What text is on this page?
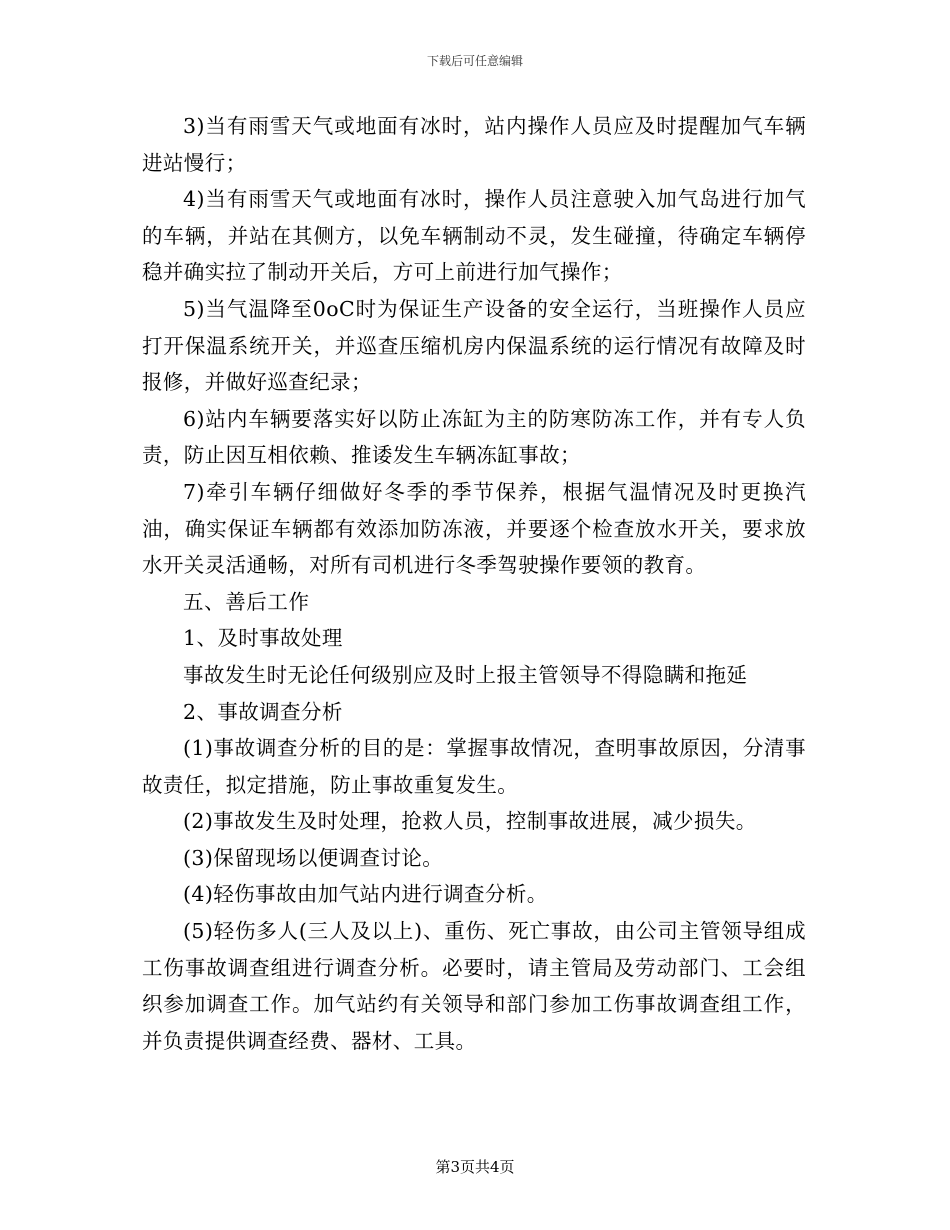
下载后可任意编辑

3)当有雨雪天气或地面有冰时，站内操作人员应及时提醒加气车辆进站慢行；

4)当有雨雪天气或地面有冰时，操作人员注意驶入加气岛进行加气的车辆，并站在其侧方，以免车辆制动不灵，发生碰撞，待确定车辆停稳并确实拉了制动开关后，方可上前进行加气操作；

5)当气温降至0oC时为保证生产设备的安全运行，当班操作人员应打开保温系统开关，并巡查压缩机房内保温系统的运行情况有故障及时报修，并做好巡查纪录；

6)站内车辆要落实好以防止冻缸为主的防寒防冻工作，并有专人负责，防止因互相依赖、推诿发生车辆冻缸事故；

7)牵引车辆仔细做好冬季的季节保养，根据气温情况及时更换汽油，确实保证车辆都有效添加防冻液，并要逐个检查放水开关，要求放水开关灵活通畅，对所有司机进行冬季驾驶操作要领的教育。

五、善后工作

1、及时事故处理

事故发生时无论任何级别应及时上报主管领导不得隐瞒和拖延

2、事故调查分析

(1)事故调查分析的目的是：掌握事故情况，查明事故原因，分清事故责任，拟定措施，防止事故重复发生。

(2)事故发生及时处理，抢救人员，控制事故进展，减少损失。

(3)保留现场以便调查讨论。

(4)轻伤事故由加气站内进行调查分析。

(5)轻伤多人(三人及以上)、重伤、死亡事故，由公司主管领导组成工伤事故调查组进行调查分析。必要时，请主管局及劳动部门、工会组织参加调查工作。加气站约有关领导和部门参加工伤事故调查组工作，并负责提供调查经费、器材、工具。

第3页共4页
